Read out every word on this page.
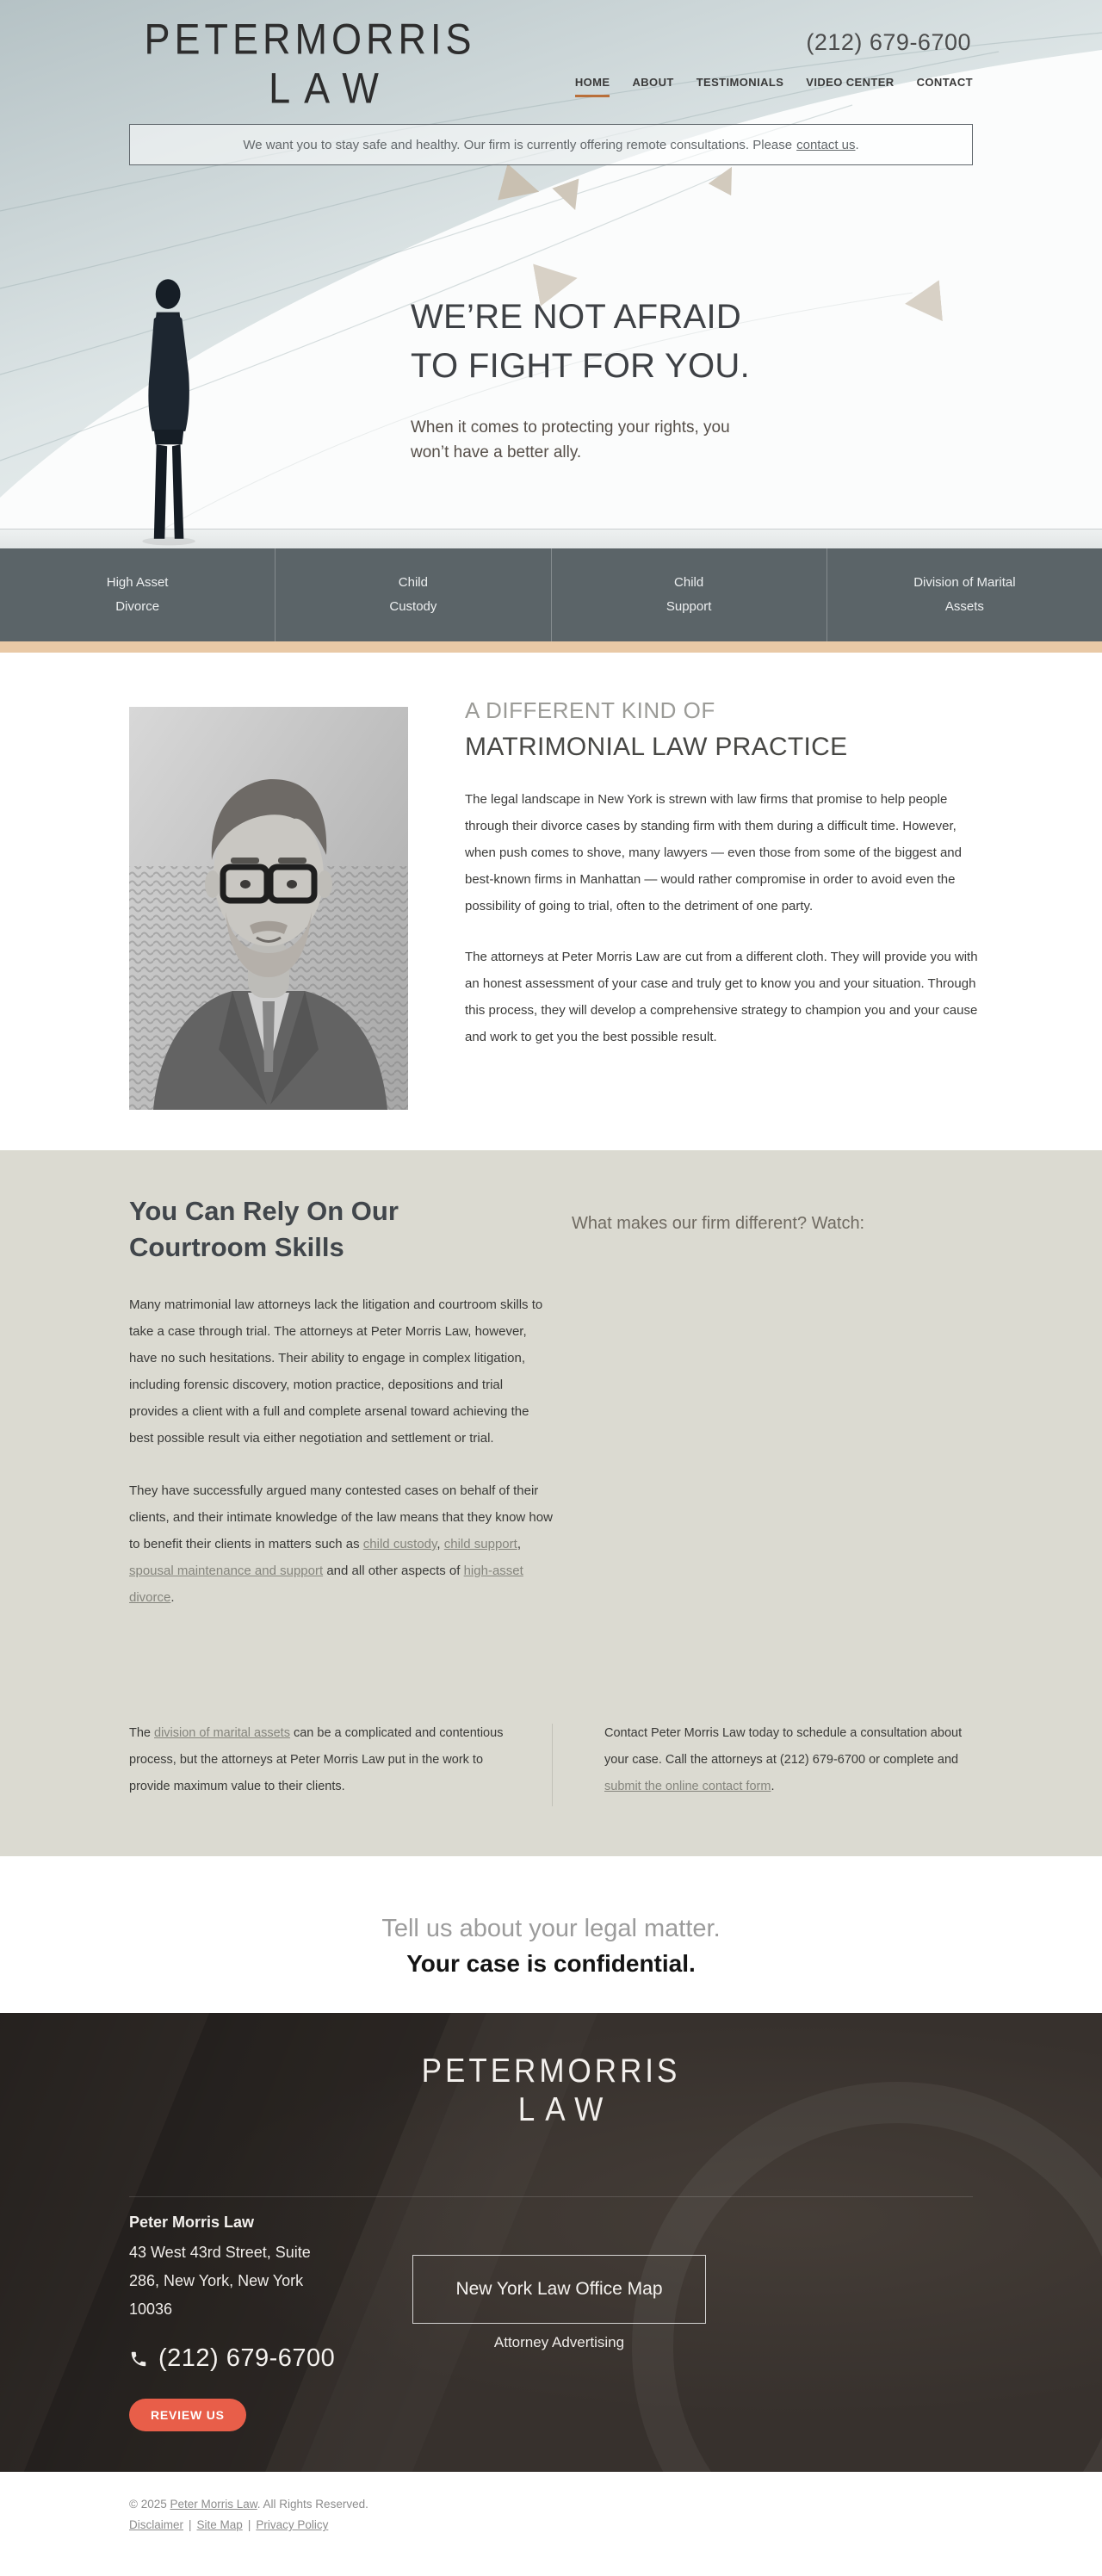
PETERMORRIS
LAW
(212) 679-6700
HOME ABOUT TESTIMONIALS VIDEO CENTER CONTACT
We want you to stay safe and healthy. Our firm is currently offering remote consultations. Please contact us .
WE’RE NOT AFRAID
TO FIGHT FOR YOU.

When it comes to protecting your rights, you
won’t have a better ally.

High Asset
Divorce
Child
Custody
Child
Support
Division of Marital
Assets
A DIFFERENT KIND OF
MATRIMONIAL LAW PRACTICE

The legal landscape in New York is strewn with law firms that promise to help people through their divorce cases by standing firm with them during a difficult time. However, when push comes to shove, many lawyers — even those from some of the biggest and best-known firms in Manhattan — would rather compromise in order to avoid even the possibility of going to trial, often to the detriment of one party.

The attorneys at Peter Morris Law are cut from a different cloth. They will provide you with an honest assessment of your case and truly get to know you and your situation. Through this process, they will develop a comprehensive strategy to champion you and your cause and work to get you the best possible result.

You Can Rely On Our
Courtroom Skills

Many matrimonial law attorneys lack the litigation and courtroom skills to take a case through trial. The attorneys at Peter Morris Law, however, have no such hesitations. Their ability to engage in complex litigation, including forensic discovery, motion practice, depositions and trial provides a client with a full and complete arsenal toward achieving the best possible result via either negotiation and settlement or trial.

They have successfully argued many contested cases on behalf of their clients, and their intimate knowledge of the law means that they know how to benefit their clients in matters such as child custody, child support, spousal maintenance and support and all other aspects of high-asset divorce.

What makes our firm different? Watch:

The division of marital assets can be a complicated and contentious process, but the attorneys at Peter Morris Law put in the work to provide maximum value to their clients.

Contact Peter Morris Law today to schedule a consultation about your case. Call the attorneys at (212) 679-6700 or complete and submit the online contact form.

Tell us about your legal matter.
Your case is confidential.
PETERMORRIS
LAW
Peter Morris Law
43 West 43rd Street, Suite
286, New York, New York
10036
(212) 679-6700
REVIEW US
New York Law Office Map
Attorney Advertising
© 2025 Peter Morris Law. All Rights Reserved.
Disclaimer | Site Map | Privacy Policy
